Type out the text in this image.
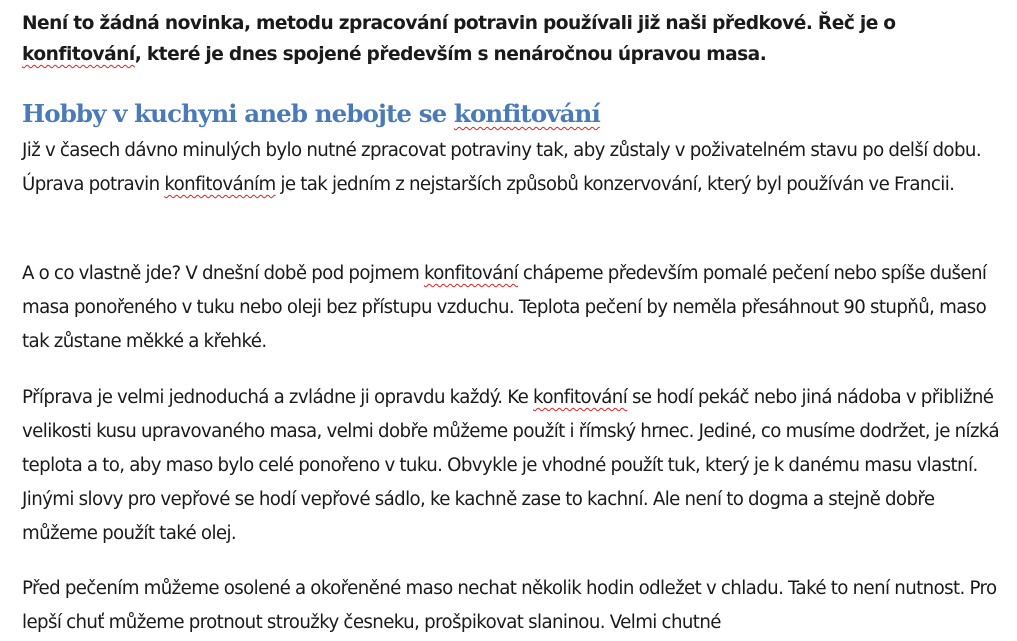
Není to žádná novinka, metodu zpracování potravin používali již naši předkové. Řeč je o konfitování, které je dnes spojené především s nenáročnou úpravou masa.

Hobby v kuchyni aneb nebojte se konfitování

Již v časech dávno minulých bylo nutné zpracovat potraviny tak, aby zůstaly v poživatelném stavu po delší dobu. Úprava potravin konfitováním je tak jedním z nejstarších způsobů konzervování, který byl používán ve Francii.

A o co vlastně jde? V dnešní době pod pojmem konfitování chápeme především pomalé pečení nebo spíše dušení masa ponořeného v tuku nebo oleji bez přístupu vzduchu. Teplota pečení by neměla přesáhnout 90 stupňů, maso tak zůstane měkké a křehké.

Příprava je velmi jednoduchá a zvládne ji opravdu každý. Ke konfitování se hodí pekáč nebo jiná nádoba v přibližné velikosti kusu upravovaného masa, velmi dobře můžeme použít i římský hrnec. Jediné, co musíme dodržet, je nízká teplota a to, aby maso bylo celé ponořeno v tuku. Obvykle je vhodné použít tuk, který je k danému masu vlastní. Jinými slovy pro vepřové se hodí vepřové sádlo, ke kachně zase to kachní. Ale není to dogma a stejně dobře můžeme použít také olej.

Před pečením můžeme osolené a okořeněné maso nechat několik hodin odležet v chladu. Také to není nutnost. Pro lepší chuť můžeme protnout stroužky česneku, prošpikovat slaninou. Velmi chutné
